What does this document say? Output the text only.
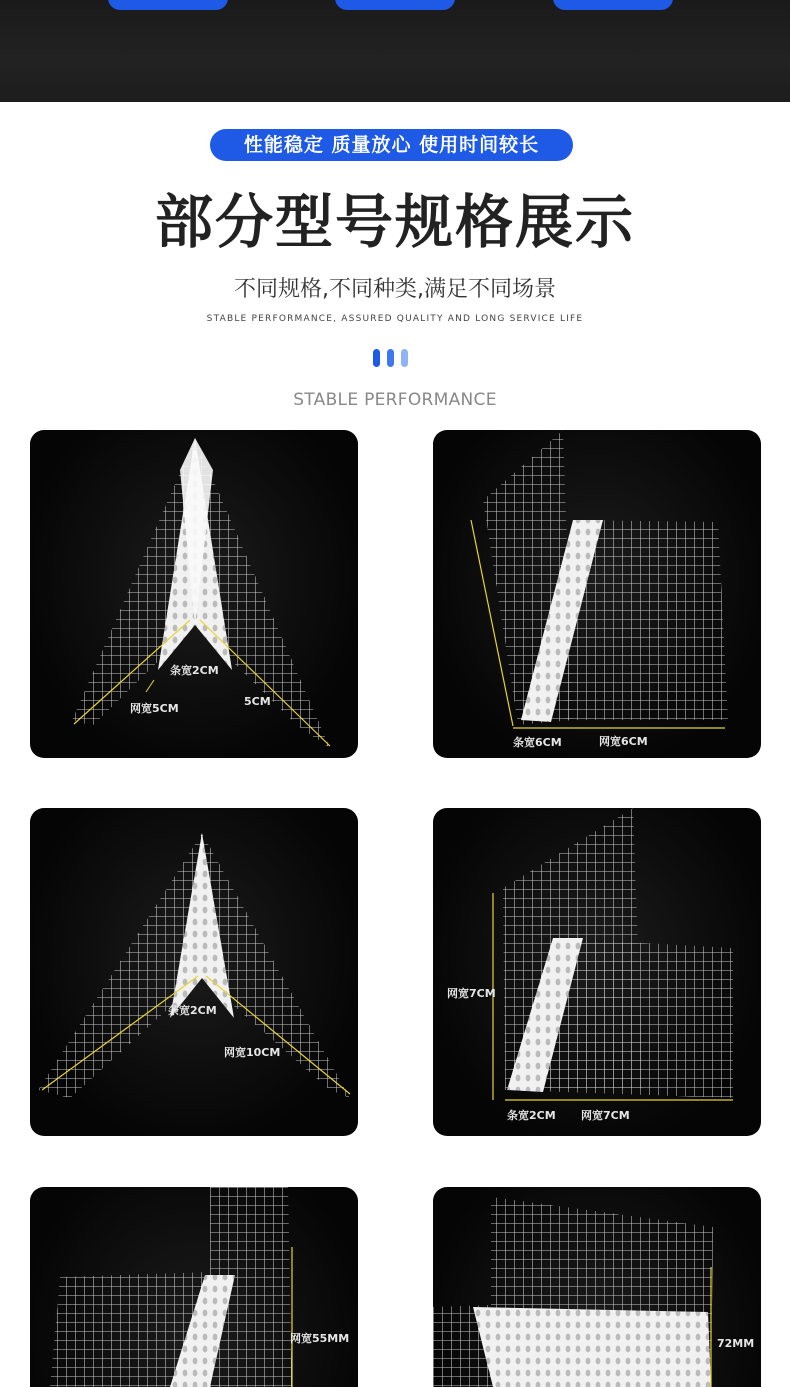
性能稳定 质量放心 使用时间较长
部分型号规格展示
不同规格,不同种类,满足不同场景
STABLE PERFORMANCE, ASSURED QUALITY AND LONG SERVICE LIFE
STABLE PERFORMANCE
条宽2CM
网宽5CM
5CM
条宽6CM	网宽6CM
条宽2CM
网宽10CM
网宽7CM
条宽2CM 网宽7CM
网宽55MM	72MM
